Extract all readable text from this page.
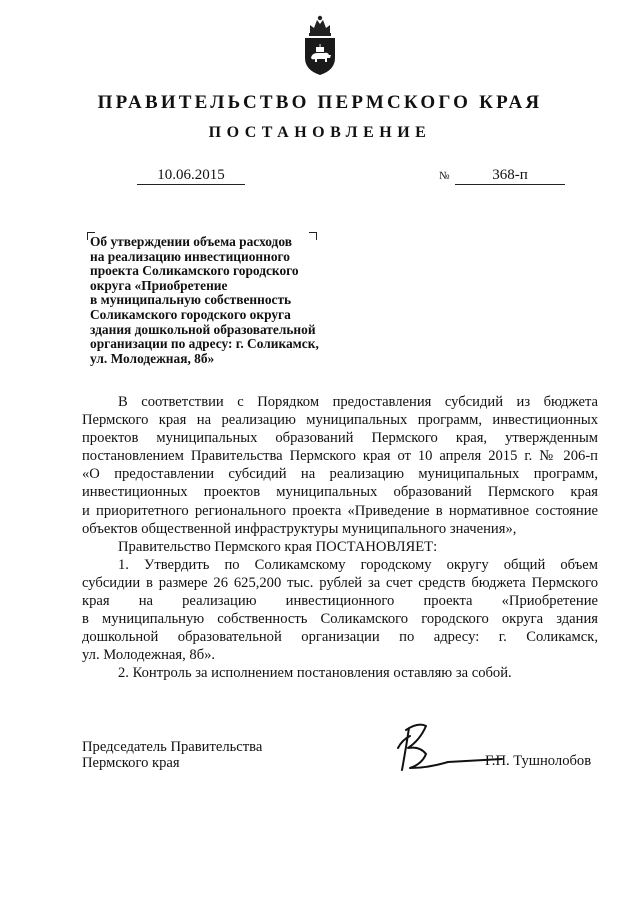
ПРАВИТЕЛЬСТВО ПЕРМСКОГО КРАЯ
ПОСТАНОВЛЕНИЕ
10.06.2015	№	368-п
Об утверждении объема расходов
на реализацию инвестиционного
проекта Соликамского городского
округа «Приобретение
в муниципальную собственность
Соликамского городского округа
здания дошкольной образовательной
организации по адресу: г. Соликамск,
ул. Молодежная, 8б»

В соответствии с Порядком предоставления субсидий из бюджета

Пермского края на реализацию муниципальных программ, инвестиционных

проектов муниципальных образований Пермского края, утвержденным

постановлением Правительства Пермского края от 10 апреля 2015 г. № 206-п

«О предоставлении субсидий на реализацию муниципальных программ,

инвестиционных проектов муниципальных образований Пермского края

и приоритетного регионального проекта «Приведение в нормативное состояние

объектов общественной инфраструктуры муниципального значения»,

Правительство Пермского края ПОСТАНОВЛЯЕТ:

1. Утвердить по Соликамскому городскому округу общий объем

субсидии в размере 26 625,200 тыс. рублей за счет средств бюджета Пермского

края на реализацию инвестиционного проекта «Приобретение

в муниципальную собственность Соликамского городского округа здания

дошкольной образовательной организации по адресу: г. Соликамск,

ул. Молодежная, 8б».

2. Контроль за исполнением постановления оставляю за собой.

Председатель Правительства
Пермского края	Г.П. Тушнолобов
